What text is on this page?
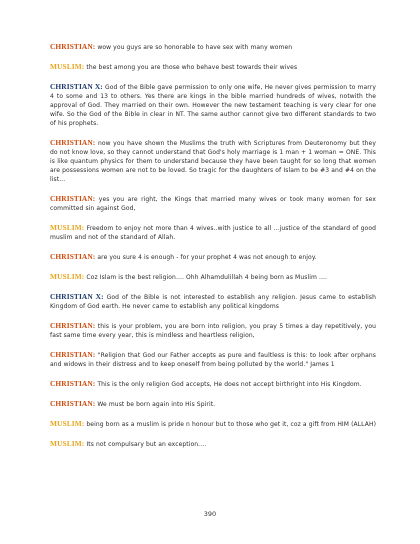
CHRISTIAN: wow you guys are so honorable to have sex with many women

MUSLIM: the best among you are those who behave best towards their wives

CHRISTIAN X: God of the Bible gave permission to only one wife, He never gives permission to marry 4 to some and 13 to others. Yes there are kings in the bible married hundreds of wives, notwith the approval of God. They married on their own. However the new testament teaching is very clear for one wife. So the God of the Bible in clear in NT. The same author cannot give two different standards to two of his prophets.

CHRISTIAN: now you have shown the Muslims the truth with Scriptures from Deuteronomy but they do not know love, so they cannot understand that God's holy marriage is 1 man + 1 woman = ONE. This is like quantum physics for them to understand because they have been taught for so long that women are possessions women are not to be loved. So tragic for the daughters of Islam to be #3 and #4 on the list...

CHRISTIAN: yes you are right, the Kings that married many wives or took many women for sex committed sin against God,

MUSLIM: Freedom to enjoy not more than 4 wives..with justice to all ...justice of the standard of good muslim and not of the standard of Allah.

CHRISTIAN: are you sure 4 is enough - for your prophet 4 was not enough to enjoy.

MUSLIM: Coz Islam is the best religion.... Ohh Alhamdulillah 4 being born as Muslim ....

CHRISTIAN X: God of the Bible is not interested to establish any religion. Jesus came to establish Kingdom of God earth. He never came to establish any political kingdoms

CHRISTIAN: this is your problem, you are born into religion, you pray 5 times a day repetitively, you fast same time every year, this is mindless and heartless religion,

CHRISTIAN: "Religion that God our Father accepts as pure and faultless is this: to look after orphans and widows in their distress and to keep oneself from being polluted by the world." James 1

CHRISTIAN: This is the only religion God accepts, He does not accept birthright into His Kingdom.

CHRISTIAN: We must be born again into His Spirit.

MUSLIM: being born as a muslim is pride n honour but to those who get it, coz a gift from HIM (ALLAH)

MUSLIM: Its not compulsary but an exception....

390
